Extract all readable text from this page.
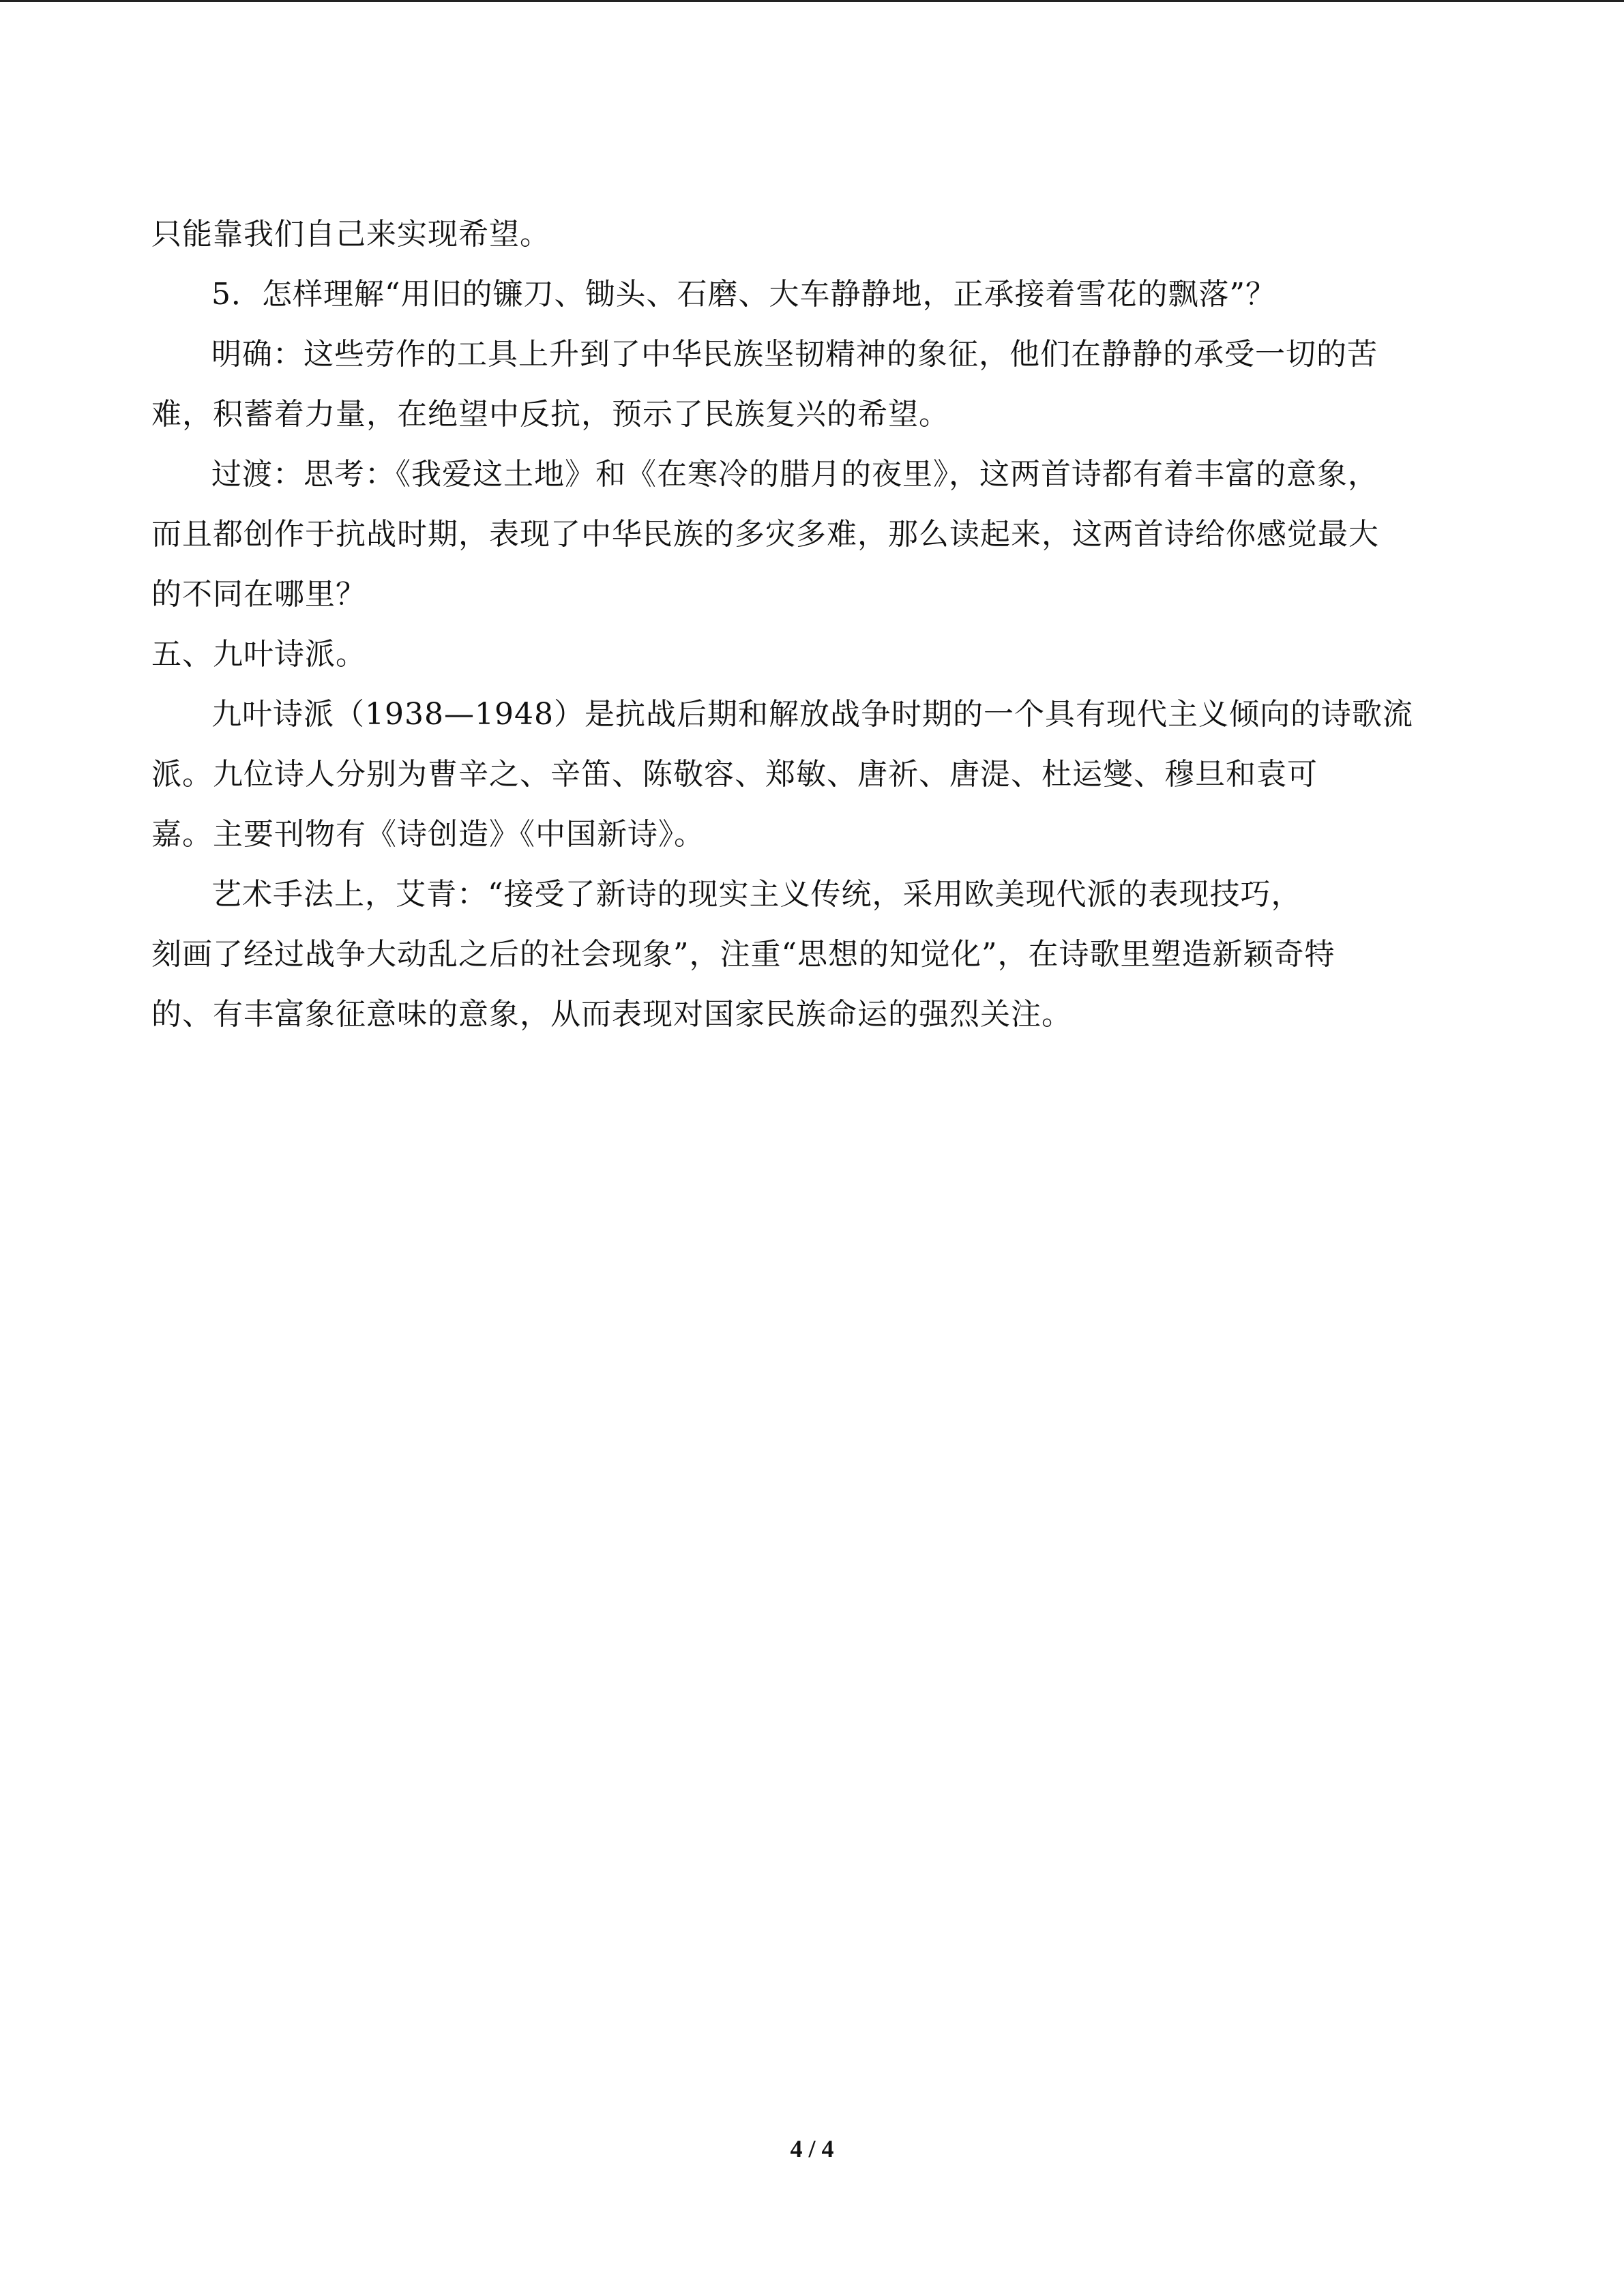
只能靠我们自己来实现希望。
5．怎样理解“用旧的镰刀、锄头、石磨、大车静静地，正承接着雪花的飘落”？
明确：这些劳作的工具上升到了中华民族坚韧精神的象征，他们在静静的承受一切的苦
难，积蓄着力量，在绝望中反抗，预示了民族复兴的希望。
过渡：思考：《我爱这土地》和《在寒冷的腊月的夜里》，这两首诗都有着丰富的意象，
而且都创作于抗战时期，表现了中华民族的多灾多难，那么读起来，这两首诗给你感觉最大
的不同在哪里？
五、九叶诗派。
九叶诗派（1938—1948）是抗战后期和解放战争时期的一个具有现代主义倾向的诗歌流
派。九位诗人分别为曹辛之、辛笛、陈敬容、郑敏、唐祈、唐湜、杜运燮、穆旦和袁可
嘉。主要刊物有《诗创造》《中国新诗》。
艺术手法上，艾青：“接受了新诗的现实主义传统，采用欧美现代派的表现技巧，
刻画了经过战争大动乱之后的社会现象”，注重“思想的知觉化”，在诗歌里塑造新颖奇特
的、有丰富象征意味的意象，从而表现对国家民族命运的强烈关注。
4 / 4
